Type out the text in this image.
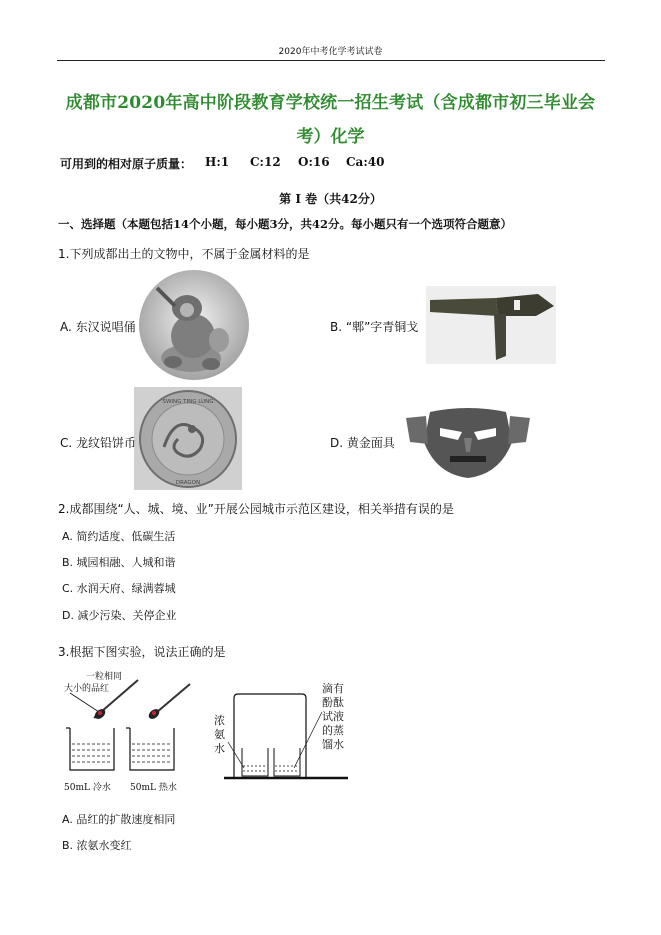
2020年中考化学考试试卷
成都市2020年高中阶段教育学校统一招生考试（含成都市初三毕业会
考）化学
可用到的相对原子质量： H:1 C:12 O:16 Ca:40
第 I 卷（共42分）
一、选择题（本题包括14个小题，每小题3分，共42分。每小题只有一个选项符合题意）
1.下列成都出土的文物中，不属于金属材料的是
A. 东汉说唱俑	B. “郫”字青铜戈
SWING TING LUNG
DRAGON
C. 龙纹铅饼币	D. 黄金面具
2.成都围绕“人、城、境、业”开展公园城市示范区建设，相关举措有误的是
A. 简约适度、低碳生活
B. 城园相融、人城和谐
C. 水润天府、绿满蓉城
D. 减少污染、关停企业
3.根据下图实验，说法正确的是
一粒相同
大小的品红
50mL 冷水 50mL 热水
浓
氨
水
滴有
酚酞
试液
的蒸
馏水
A. 品红的扩散速度相同
B. 浓氨水变红
